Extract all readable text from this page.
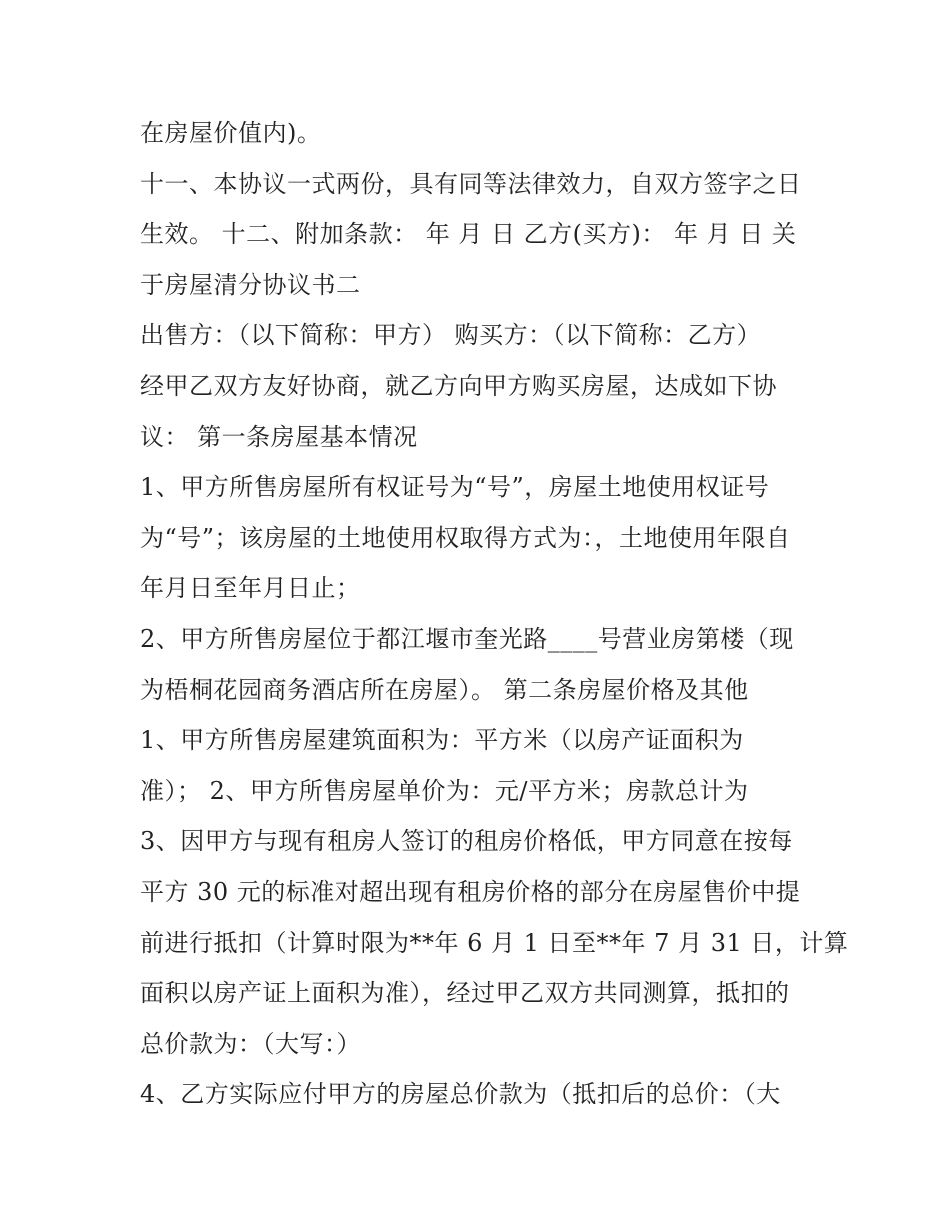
在房屋价值内)。
十一、本协议一式两份，具有同等法律效力，自双方签字之日
生效。 十二、附加条款： 年 月 日 乙方(买方)： 年 月 日 关
于房屋清分协议书二
出售方：（以下简称：甲方） 购买方：（以下简称：乙方）
经甲乙双方友好协商，就乙方向甲方购买房屋，达成如下协
议： 第一条房屋基本情况
1、甲方所售房屋所有权证号为“号”，房屋土地使用权证号
为“号”；该房屋的土地使用权取得方式为：，土地使用年限自
年月日至年月日止；
2、甲方所售房屋位于都江堰市奎光路____号营业房第楼（现
为梧桐花园商务酒店所在房屋）。 第二条房屋价格及其他
1、甲方所售房屋建筑面积为：平方米（以房产证面积为
准）； 2、甲方所售房屋单价为：元/平方米；房款总计为
3、因甲方与现有租房人签订的租房价格低，甲方同意在按每
平方 30 元的标准对超出现有租房价格的部分在房屋售价中提
前进行抵扣（计算时限为**年 6 月 1 日至**年 7 月 31 日，计算
面积以房产证上面积为准），经过甲乙双方共同测算，抵扣的
总价款为：（大写：）
4、乙方实际应付甲方的房屋总价款为（抵扣后的总价：（大
